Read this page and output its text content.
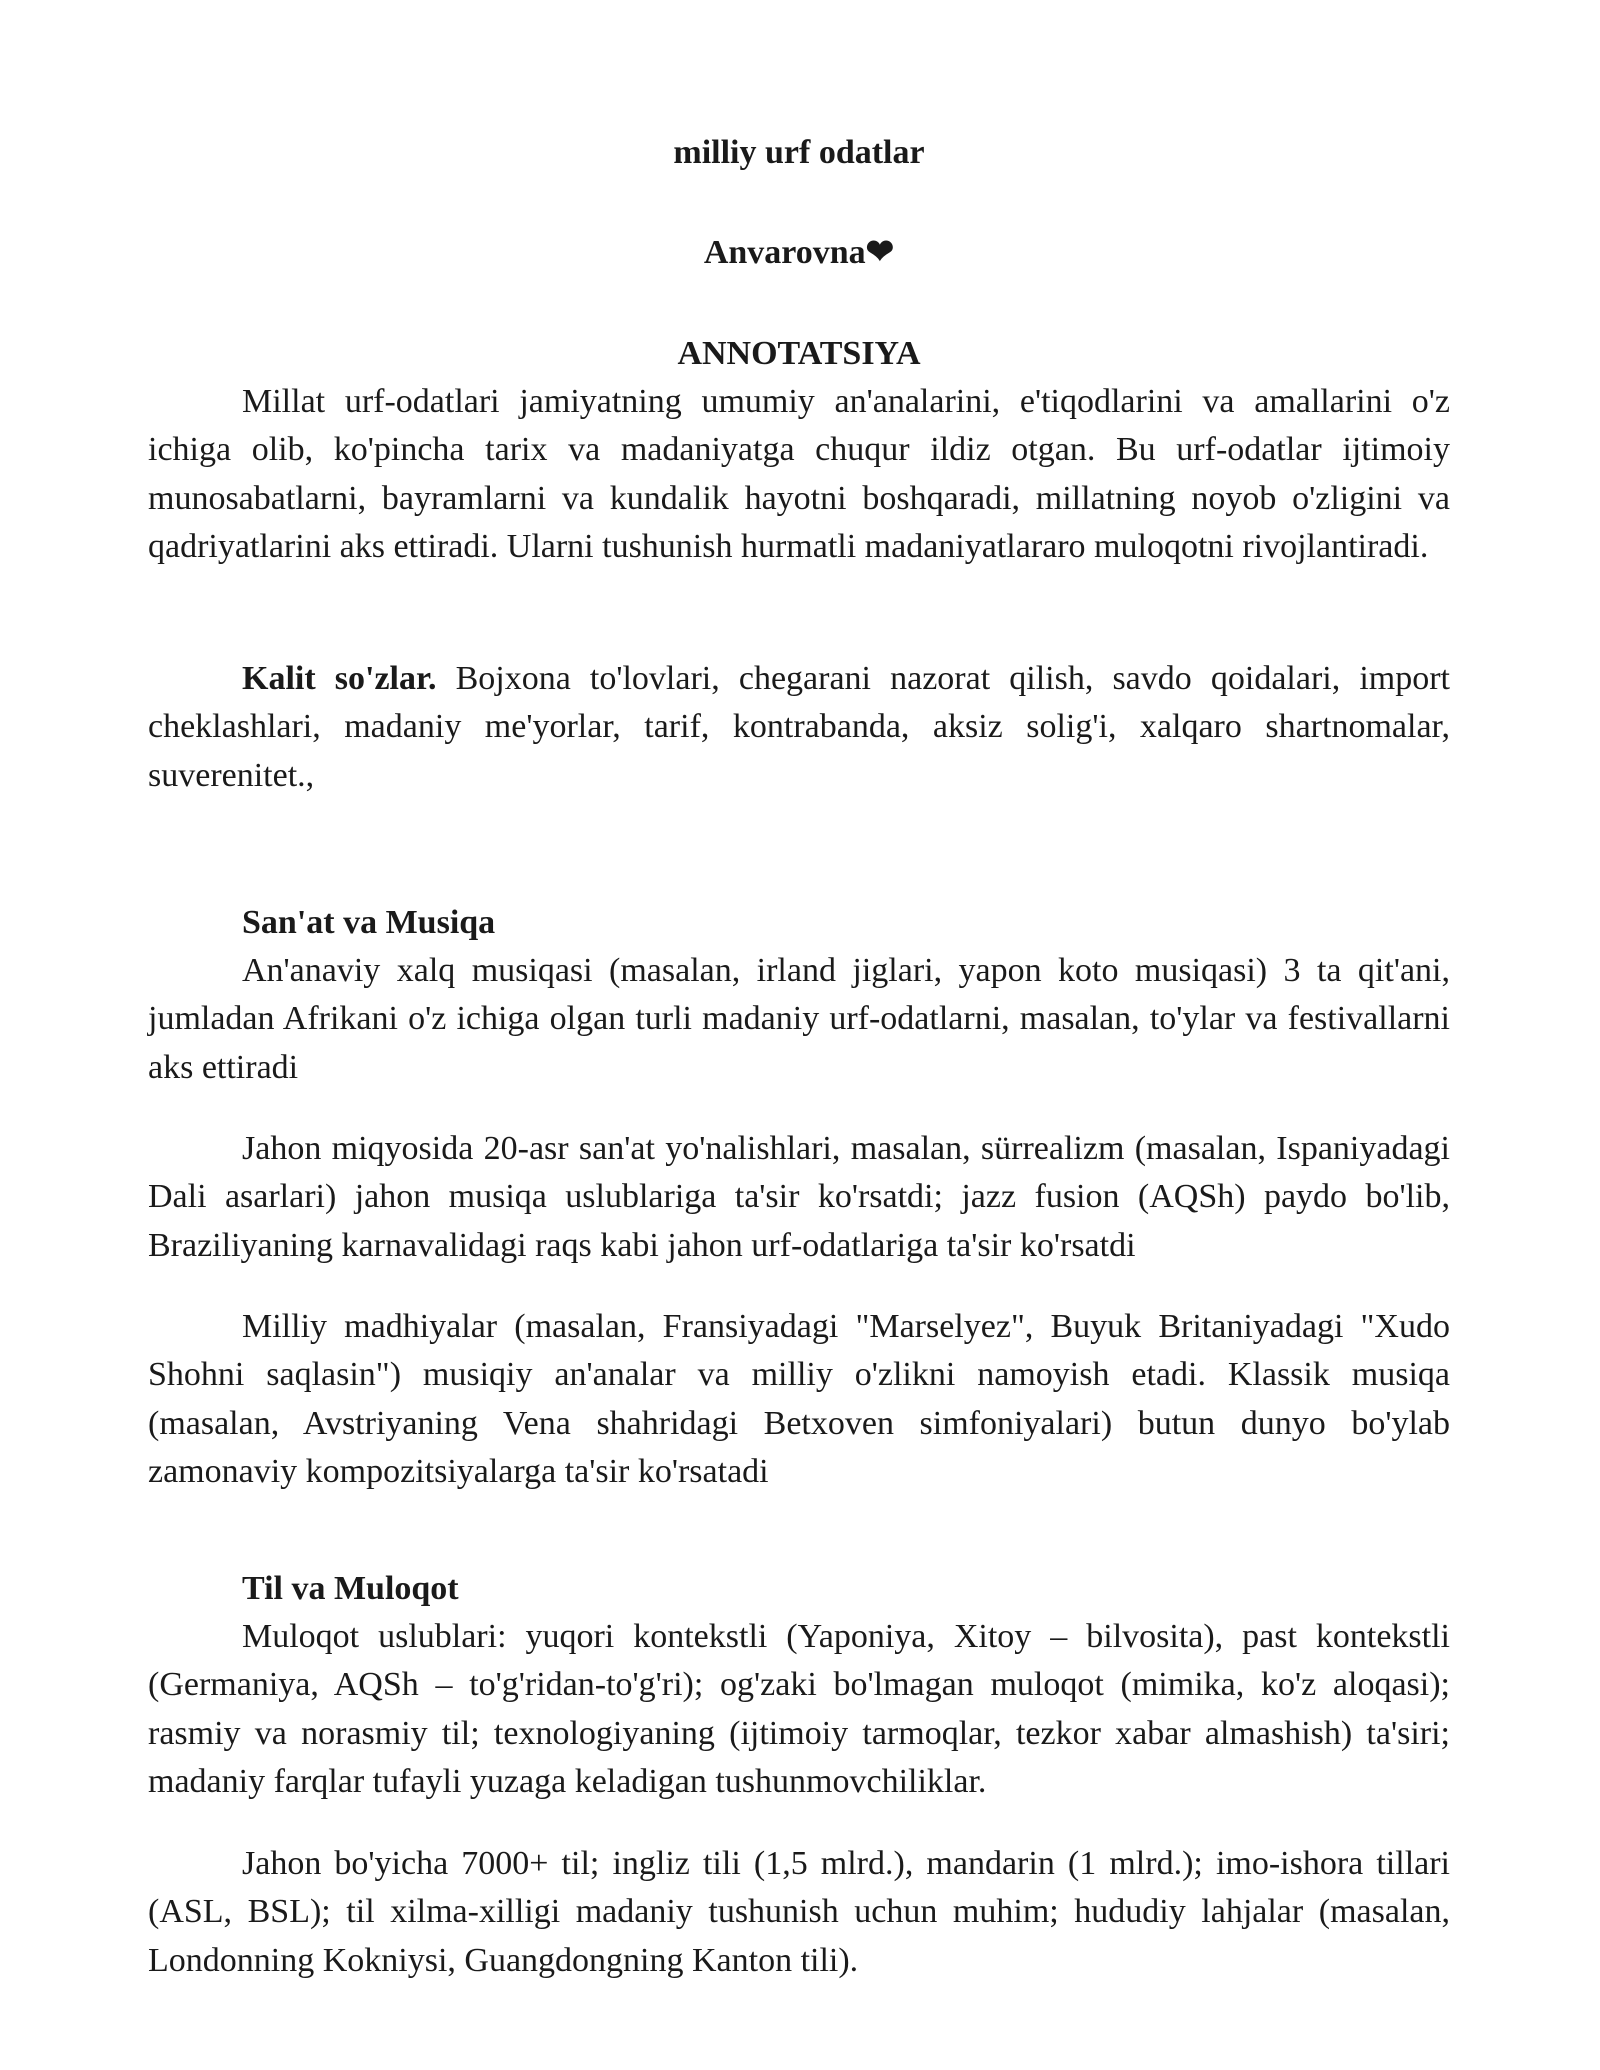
milliy urf odatlar
Anvarovna❤
ANNOTATSIYA

Millat urf-odatlari jamiyatning umumiy an'analarini, e'tiqodlarini va amallarini o'z ichiga olib, ko'pincha tarix va madaniyatga chuqur ildiz otgan. Bu urf-odatlar ijtimoiy munosabatlarni, bayramlarni va kundalik hayotni boshqaradi, millatning noyob o'zligini va qadriyatlarini aks ettiradi. Ularni tushunish hurmatli madaniyatlararo muloqotni rivojlantiradi.

Kalit so'zlar. Bojxona to'lovlari, chegarani nazorat qilish, savdo qoidalari, import cheklashlari, madaniy me'yorlar, tarif, kontrabanda, aksiz solig'i, xalqaro shartnomalar, suverenitet.,

San'at va Musiqa

An'anaviy xalq musiqasi (masalan, irland jiglari, yapon koto musiqasi) 3 ta qit'ani, jumladan Afrikani o'z ichiga olgan turli madaniy urf-odatlarni, masalan, to'ylar va festivallarni aks ettiradi

Jahon miqyosida 20-asr san'at yo'nalishlari, masalan, sürrealizm (masalan, Ispaniyadagi Dali asarlari) jahon musiqa uslublariga ta'sir ko'rsatdi; jazz fusion (AQSh) paydo bo'lib, Braziliyaning karnavalidagi raqs kabi jahon urf-odatlariga ta'sir ko'rsatdi

Milliy madhiyalar (masalan, Fransiyadagi "Marselyez", Buyuk Britaniyadagi "Xudo Shohni saqlasin") musiqiy an'analar va milliy o'zlikni namoyish etadi. Klassik musiqa (masalan, Avstriyaning Vena shahridagi Betxoven simfoniyalari) butun dunyo bo'ylab zamonaviy kompozitsiyalarga ta'sir ko'rsatadi

Til va Muloqot

Muloqot uslublari: yuqori kontekstli (Yaponiya, Xitoy – bilvosita), past kontekstli (Germaniya, AQSh – to'g'ridan-to'g'ri); og'zaki bo'lmagan muloqot (mimika, ko'z aloqasi); rasmiy va norasmiy til; texnologiyaning (ijtimoiy tarmoqlar, tezkor xabar almashish) ta'siri; madaniy farqlar tufayli yuzaga keladigan tushunmovchiliklar.

Jahon bo'yicha 7000+ til; ingliz tili (1,5 mlrd.), mandarin (1 mlrd.); imo-ishora tillari (ASL, BSL); til xilma-xilligi madaniy tushunish uchun muhim; hududiy lahjalar (masalan, Londonning Kokniysi, Guangdongning Kanton tili).
